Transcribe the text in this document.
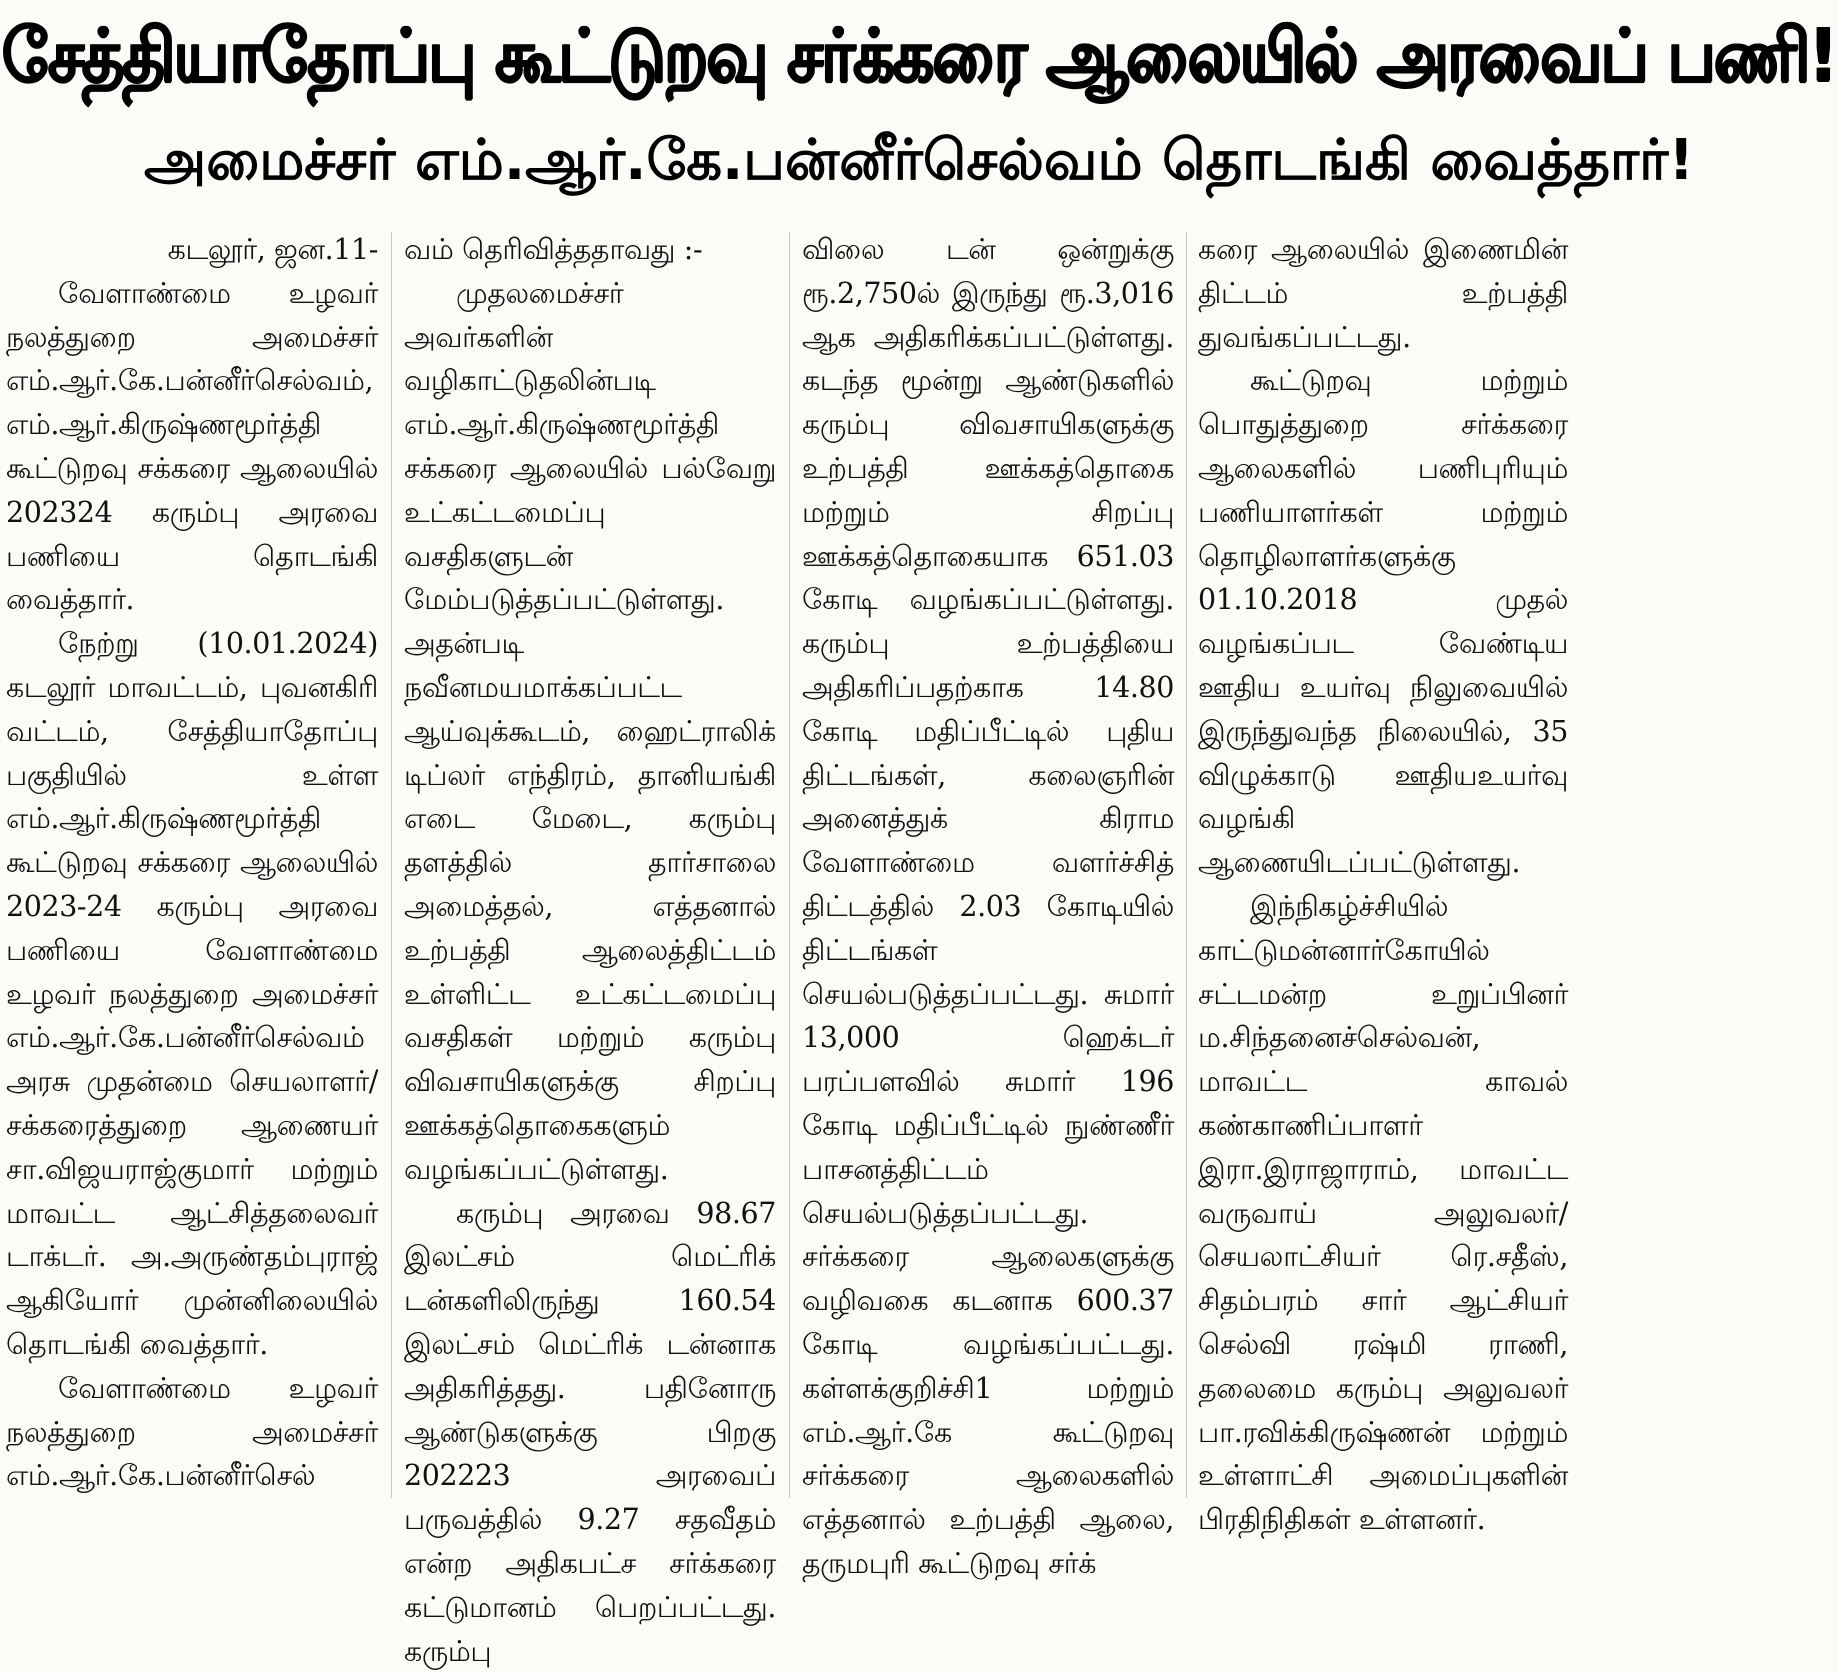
சேத்தியாதோப்பு கூட்டுறவு சர்க்கரை ஆலையில் அரவைப் பணி!
அமைச்சர் எம்.ஆர்.கே.பன்னீர்செல்வம் தொடங்கி வைத்தார்!

கடலூர், ஜன.11-

வேளாண்மை உழவர் நலத்துறை அமைச்சர் எம்.ஆர்.கே.பன்னீர்செல்வம், எம்.ஆர்.கிருஷ்ணமூர்த்தி கூட்டுறவு சக்கரை ஆலையில் 202324 கரும்பு அரவை பணியை தொடங்கி வைத்தார்.

நேற்று (10.01.2024) கடலூர் மாவட்டம், புவனகிரி வட்டம், சேத்தியாதோப்பு பகுதியில் உள்ள எம்.ஆர்.கிருஷ்ணமூர்த்தி கூட்டுறவு சக்கரை ஆலையில் 2023-24 கரும்பு அரவை பணியை வேளாண்மை உழவர் நலத்துறை அமைச்சர் எம்.ஆர்.கே.பன்னீர்செல்வம் அரசு முதன்மை செயலாளர்/சக்கரைத்துறை ஆணையர் சா.விஜயராஜ்குமார் மற்றும் மாவட்ட ஆட்சித்தலைவர் டாக்டர். அ.அருண்தம்புராஜ் ஆகியோர் முன்னிலையில் தொடங்கி வைத்தார்.

வேளாண்மை உழவர் நலத்துறை அமைச்சர் எம்.ஆர்.கே.பன்னீர்செல்

வம் தெரிவித்ததாவது :-

முதலமைச்சர் அவர்களின் வழிகாட்டுதலின்படி எம்.ஆர்.கிருஷ்ணமூர்த்தி சக்கரை ஆலையில் பல்வேறு உட்கட்டமைப்பு வசதிகளுடன் மேம்படுத்தப்பட்டுள்ளது. அதன்படி நவீனமயமாக்கப்பட்ட ஆய்வுக்கூடம், ஹைட்ராலிக் டிப்லர் எந்திரம், தானியங்கி எடை மேடை, கரும்பு தளத்தில் தார்சாலை அமைத்தல், எத்தனால் உற்பத்தி ஆலைத்திட்டம் உள்ளிட்ட உட்கட்டமைப்பு வசதிகள் மற்றும் கரும்பு விவசாயிகளுக்கு சிறப்பு ஊக்கத்தொகைகளும் வழங்கப்பட்டுள்ளது.

கரும்பு அரவை 98.67 இலட்சம் மெட்ரிக் டன்களிலிருந்து 160.54 இலட்சம் மெட்ரிக் டன்னாக அதிகரித்தது. பதினோரு ஆண்டுகளுக்கு பிறகு 202223 அரவைப் பருவத்தில் 9.27 சதவீதம் என்ற அதிகபட்ச சர்க்கரை கட்டுமானம் பெறப்பட்டது. கரும்பு

விலை டன் ஒன்றுக்கு ரூ.2,750ல் இருந்து ரூ.3,016 ஆக அதிகரிக்கப்பட்டுள்ளது. கடந்த மூன்று ஆண்டுகளில் கரும்பு விவசாயிகளுக்கு உற்பத்தி ஊக்கத்தொகை மற்றும் சிறப்பு ஊக்கத்தொகையாக 651.03 கோடி வழங்கப்பட்டுள்ளது. கரும்பு உற்பத்தியை அதிகரிப்பதற்காக 14.80 கோடி மதிப்பீட்டில் புதிய திட்டங்கள், கலைஞரின் அனைத்துக் கிராம வேளாண்மை வளர்ச்சித் திட்டத்தில் 2.03 கோடியில் திட்டங்கள் செயல்படுத்தப்பட்டது. சுமார் 13,000 ஹெக்டர் பரப்பளவில் சுமார் 196 கோடி மதிப்பீட்டில் நுண்ணீர் பாசனத்திட்டம் செயல்படுத்தப்பட்டது. சர்க்கரை ஆலைகளுக்கு வழிவகை கடனாக 600.37 கோடி வழங்கப்பட்டது. கள்ளக்குறிச்சி1 மற்றும் எம்.ஆர்.கே கூட்டுறவு சர்க்கரை ஆலைகளில் எத்தனால் உற்பத்தி ஆலை, தருமபுரி கூட்டுறவு சர்க்

கரை ஆலையில் இணைமின் திட்டம் உற்பத்தி துவங்கப்பட்டது.

கூட்டுறவு மற்றும் பொதுத்துறை சர்க்கரை ஆலைகளில் பணிபுரியும் பணியாளர்கள் மற்றும் தொழிலாளர்களுக்கு 01.10.2018 முதல் வழங்கப்பட வேண்டிய ஊதிய உயர்வு நிலுவையில் இருந்துவந்த நிலையில், 35 விழுக்காடு ஊதியஉயர்வு வழங்கி ஆணையிடப்பட்டுள்ளது.

இந்நிகழ்ச்சியில் காட்டுமன்னார்கோயில் சட்டமன்ற உறுப்பினர் ம.சிந்தனைச்செல்வன், மாவட்ட காவல் கண்காணிப்பாளர் இரா.இராஜாராம், மாவட்ட வருவாய் அலுவலர்/செயலாட்சியர் ரெ.சதீஸ், சிதம்பரம் சார் ஆட்சியர் செல்வி ரஷ்மி ராணி, தலைமை கரும்பு அலுவலர் பா.ரவிக்கிருஷ்ணன் மற்றும் உள்ளாட்சி அமைப்புகளின் பிரதிநிதிகள் உள்ளனர்.
